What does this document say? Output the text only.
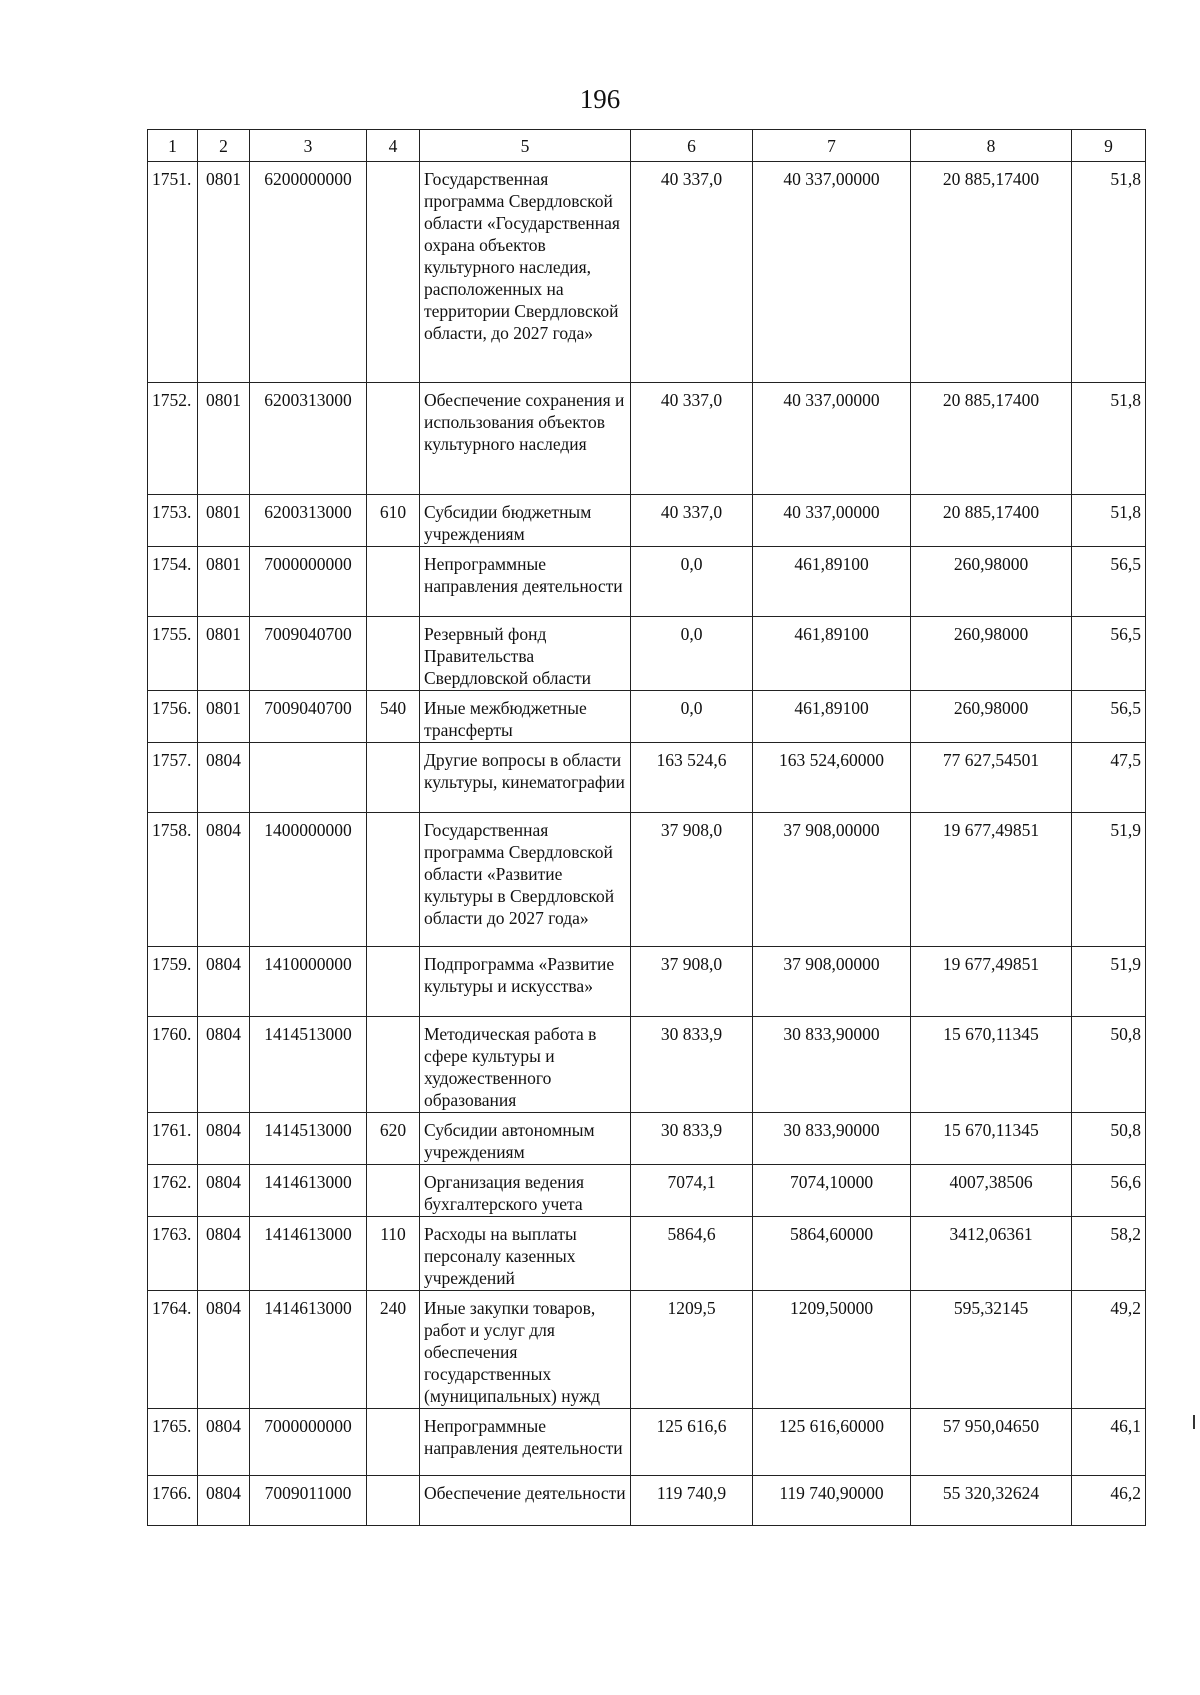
196
1	2	3	4	5	6	7	8	9
1751.	0801	6200000000		Государственная программа Свердловской области «Государственная охрана объектов культурного наследия, расположенных на территории Свердловской области, до 2027 года»	40 337,0	40 337,00000	20 885,17400	51,8
1752.	0801	6200313000		Обеспечение сохранения и использования объектов культурного наследия	40 337,0	40 337,00000	20 885,17400	51,8
1753.	0801	6200313000	610	Субсидии бюджетным учреждениям	40 337,0	40 337,00000	20 885,17400	51,8
1754.	0801	7000000000		Непрограммные направления деятельности	0,0	461,89100	260,98000	56,5
1755.	0801	7009040700		Резервный фонд Правительства Свердловской области	0,0	461,89100	260,98000	56,5
1756.	0801	7009040700	540	Иные межбюджетные трансферты	0,0	461,89100	260,98000	56,5
1757.	0804			Другие вопросы в области культуры, кинематографии	163 524,6	163 524,60000	77 627,54501	47,5
1758.	0804	1400000000		Государственная программа Свердловской области «Развитие культуры в Свердловской области до 2027 года»	37 908,0	37 908,00000	19 677,49851	51,9
1759.	0804	1410000000		Подпрограмма «Развитие культуры и искусства»	37 908,0	37 908,00000	19 677,49851	51,9
1760.	0804	1414513000		Методическая работа в сфере культуры и художественного образования	30 833,9	30 833,90000	15 670,11345	50,8
1761.	0804	1414513000	620	Субсидии автономным учреждениям	30 833,9	30 833,90000	15 670,11345	50,8
1762.	0804	1414613000		Организация ведения бухгалтерского учета	7074,1	7074,10000	4007,38506	56,6
1763.	0804	1414613000	110	Расходы на выплаты персоналу казенных учреждений	5864,6	5864,60000	3412,06361	58,2
1764.	0804	1414613000	240	Иные закупки товаров, работ и услуг для обеспечения государственных (муниципальных) нужд	1209,5	1209,50000	595,32145	49,2
1765.	0804	7000000000		Непрограммные направления деятельности	125 616,6	125 616,60000	57 950,04650	46,1
1766.	0804	7009011000		Обеспечение деятельности	119 740,9	119 740,90000	55 320,32624	46,2
